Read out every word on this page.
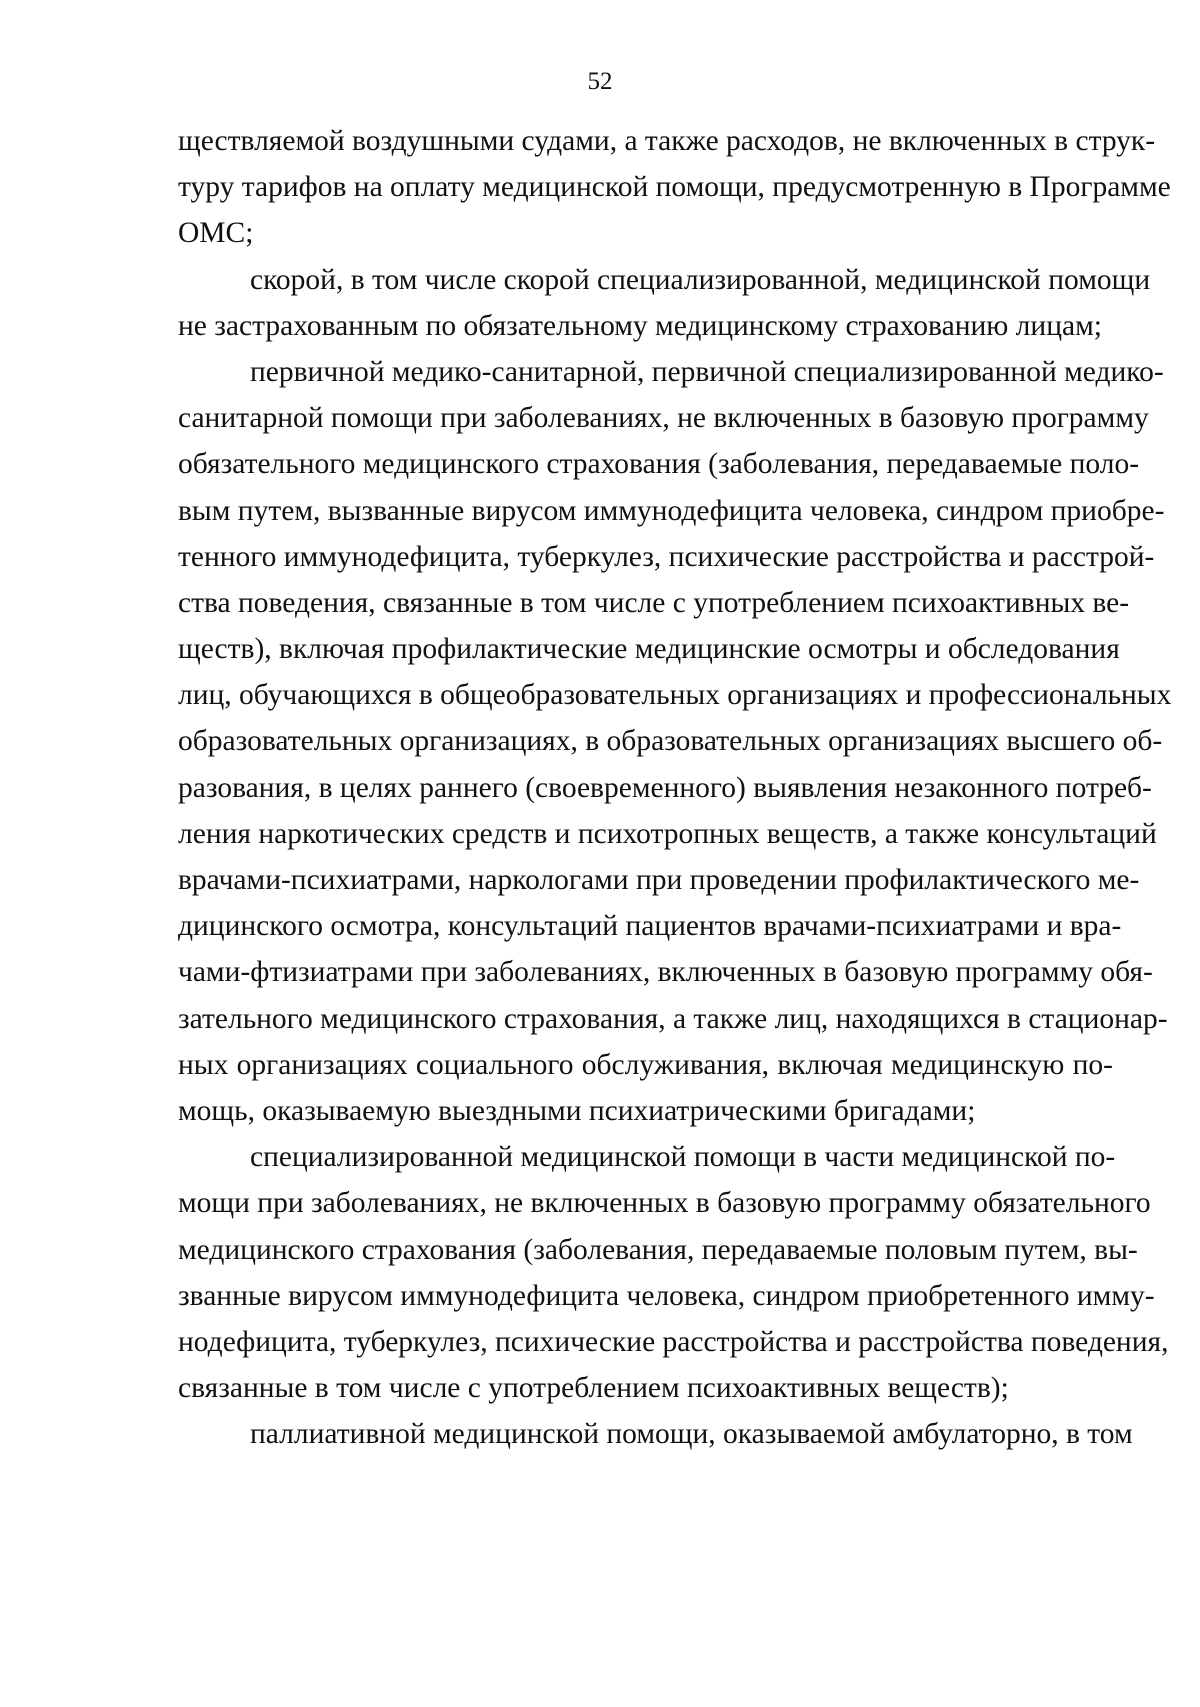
52
ществляемой воздушными судами, а также расходов, не включенных в струк-
туру тарифов на оплату медицинской помощи, предусмотренную в Программе
ОМС;
скорой, в том числе скорой специализированной, медицинской помощи
не застрахованным по обязательному медицинскому страхованию лицам;
первичной медико-санитарной, первичной специализированной медико-
санитарной помощи при заболеваниях, не включенных в базовую программу
обязательного медицинского страхования (заболевания, передаваемые поло-
вым путем, вызванные вирусом иммунодефицита человека, синдром приобре-
тенного иммунодефицита, туберкулез, психические расстройства и расстрой-
ства поведения, связанные в том числе с употреблением психоактивных ве-
ществ), включая профилактические медицинские осмотры и обследования
лиц, обучающихся в общеобразовательных организациях и профессиональных
образовательных организациях, в образовательных организациях высшего об-
разования, в целях раннего (своевременного) выявления незаконного потреб-
ления наркотических средств и психотропных веществ, а также консультаций
врачами-психиатрами, наркологами при проведении профилактического ме-
дицинского осмотра, консультаций пациентов врачами-психиатрами и вра-
чами-фтизиатрами при заболеваниях, включенных в базовую программу обя-
зательного медицинского страхования, а также лиц, находящихся в стационар-
ных организациях социального обслуживания, включая медицинскую по-
мощь, оказываемую выездными психиатрическими бригадами;
специализированной медицинской помощи в части медицинской по-
мощи при заболеваниях, не включенных в базовую программу обязательного
медицинского страхования (заболевания, передаваемые половым путем, вы-
званные вирусом иммунодефицита человека, синдром приобретенного имму-
нодефицита, туберкулез, психические расстройства и расстройства поведения,
связанные в том числе с употреблением психоактивных веществ);
паллиативной медицинской помощи, оказываемой амбулаторно, в том
